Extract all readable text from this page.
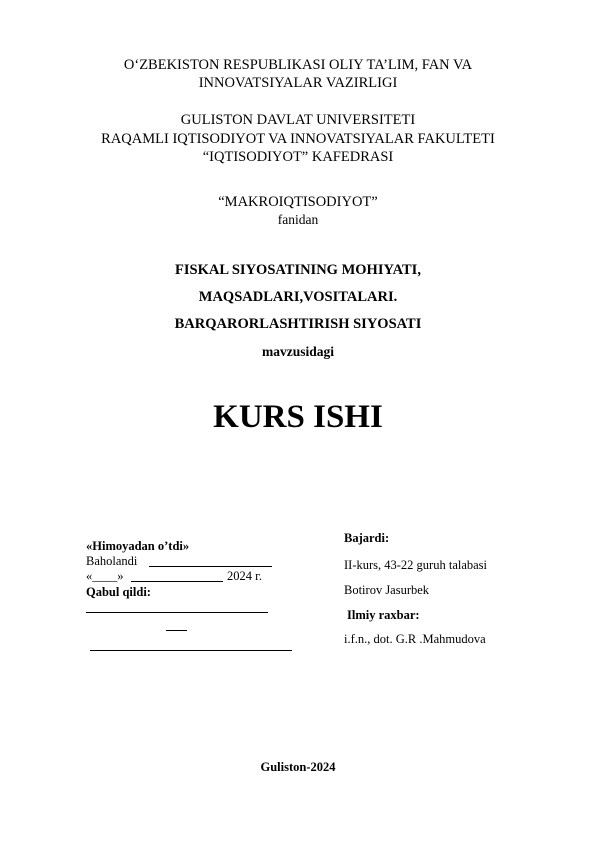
O‘ZBEKISTON RESPUBLIKASI OLIY TA’LIM, FAN VA
INNOVATSIYALAR VAZIRLIGI
GULISTON DAVLAT UNIVERSITETI
RAQAMLI IQTISODIYOT VA INNOVATSIYALAR FAKULTETI
“IQTISODIYOT” KAFEDRASI
“MAKROIQTISODIYOT”
fanidan
FISKAL SIYOSATINING MOHIYATI,
MAQSADLARI,VOSITALARI.
BARQARORLASHTIRISH SIYOSATI
mavzusidagi
KURS ISHI
«Himoyadan o’tdi»
Baholandi
«____»	2024 г.
Qabul qildi:
Bajardi:
II-kurs, 43-22 guruh talabasi
Botirov Jasurbek
Ilmiy raxbar:
i.f.n., dot. G.R .Mahmudova
Guliston-2024
